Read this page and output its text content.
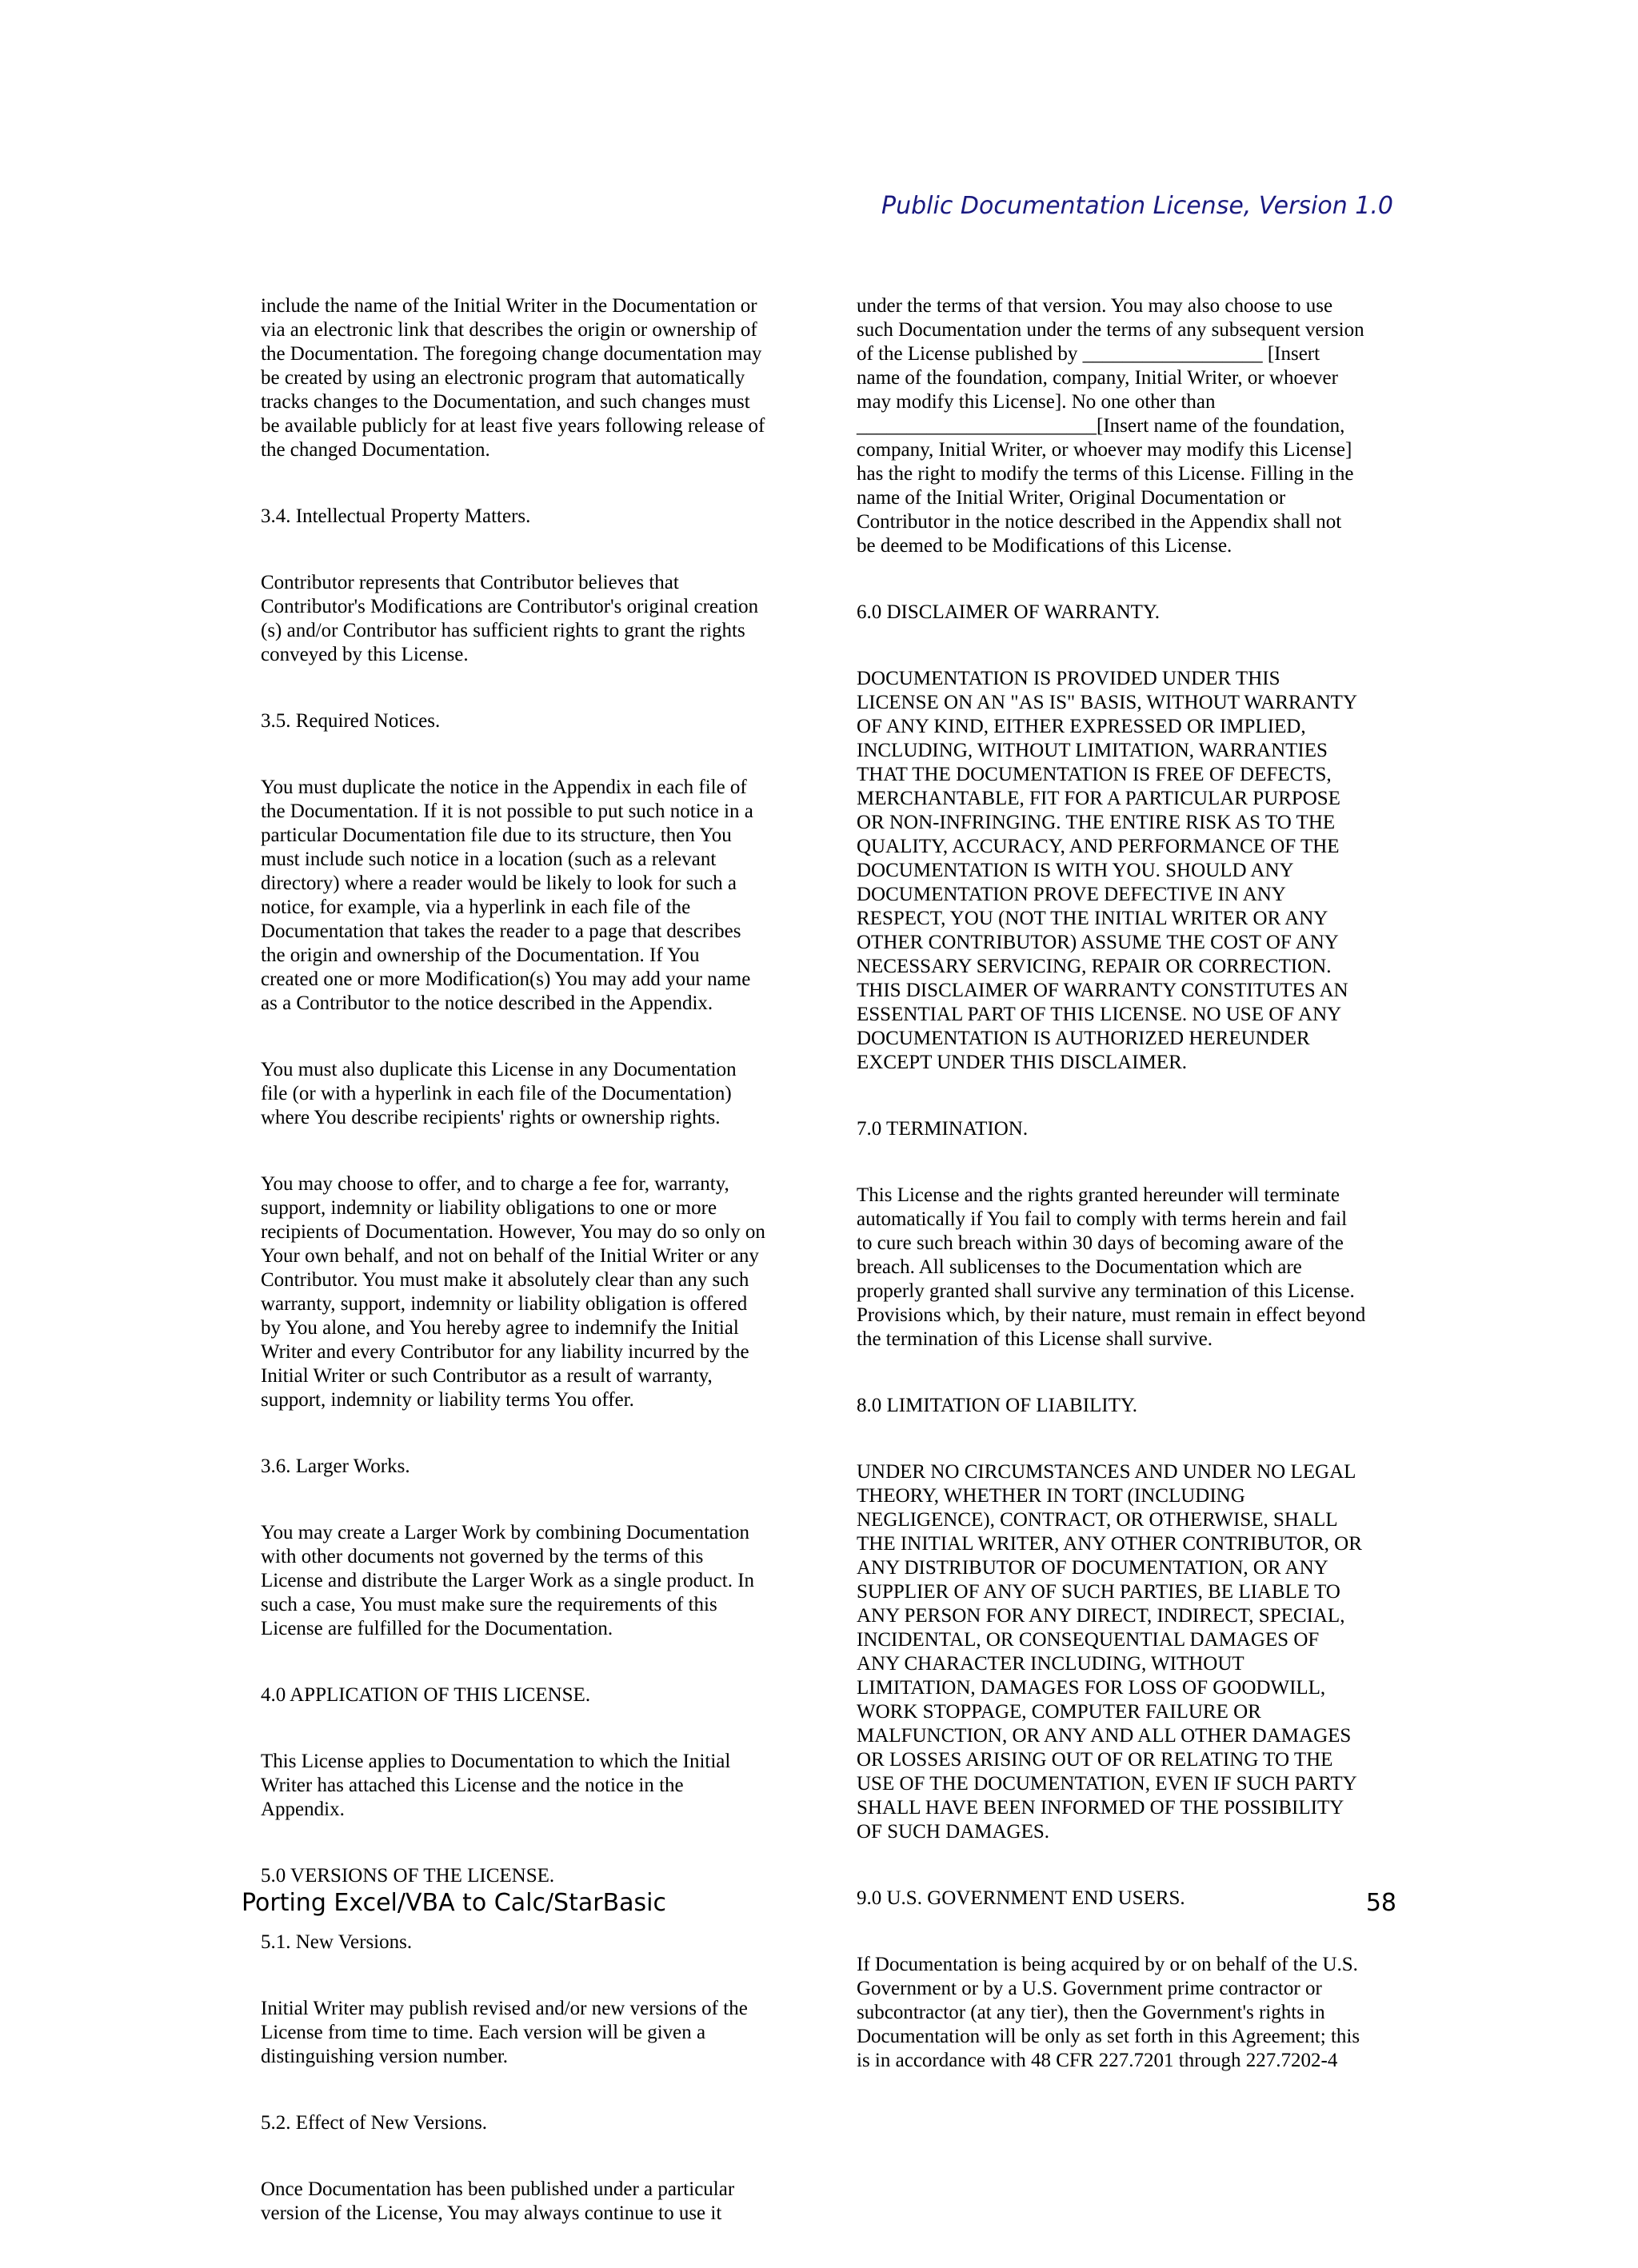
Public Documentation License, Version 1.0

include the name of the Initial Writer in the Documentation or
via an electronic link that describes the origin or ownership of
the Documentation. The foregoing change documentation may
be created by using an electronic program that automatically
tracks changes to the Documentation, and such changes must
be available publicly for at least five years following release of
the changed Documentation.

3.4. Intellectual Property Matters.

Contributor represents that Contributor believes that
Contributor's Modifications are Contributor's original creation
(s) and/or Contributor has sufficient rights to grant the rights
conveyed by this License.

3.5. Required Notices.

You must duplicate the notice in the Appendix in each file of
the Documentation. If it is not possible to put such notice in a
particular Documentation file due to its structure, then You
must include such notice in a location (such as a relevant
directory) where a reader would be likely to look for such a
notice, for example, via a hyperlink in each file of the
Documentation that takes the reader to a page that describes
the origin and ownership of the Documentation. If You
created one or more Modification(s) You may add your name
as a Contributor to the notice described in the Appendix.

You must also duplicate this License in any Documentation
file (or with a hyperlink in each file of the Documentation)
where You describe recipients' rights or ownership rights.

You may choose to offer, and to charge a fee for, warranty,
support, indemnity or liability obligations to one or more
recipients of Documentation. However, You may do so only on
Your own behalf, and not on behalf of the Initial Writer or any
Contributor. You must make it absolutely clear than any such
warranty, support, indemnity or liability obligation is offered
by You alone, and You hereby agree to indemnify the Initial
Writer and every Contributor for any liability incurred by the
Initial Writer or such Contributor as a result of warranty,
support, indemnity or liability terms You offer.

3.6. Larger Works.

You may create a Larger Work by combining Documentation
with other documents not governed by the terms of this
License and distribute the Larger Work as a single product. In
such a case, You must make sure the requirements of this
License are fulfilled for the Documentation.

4.0 APPLICATION OF THIS LICENSE.

This License applies to Documentation to which the Initial
Writer has attached this License and the notice in the
Appendix.

5.0 VERSIONS OF THE LICENSE.

5.1. New Versions.

Initial Writer may publish revised and/or new versions of the
License from time to time. Each version will be given a
distinguishing version number.

5.2. Effect of New Versions.

Once Documentation has been published under a particular
version of the License, You may always continue to use it

under the terms of that version. You may also choose to use
such Documentation under the terms of any subsequent version
of the License published by __________________ [Insert
name of the foundation, company, Initial Writer, or whoever
may modify this License]. No one other than
________________________[Insert name of the foundation,
company, Initial Writer, or whoever may modify this License]
has the right to modify the terms of this License. Filling in the
name of the Initial Writer, Original Documentation or
Contributor in the notice described in the Appendix shall not
be deemed to be Modifications of this License.

6.0 DISCLAIMER OF WARRANTY.

DOCUMENTATION IS PROVIDED UNDER THIS
LICENSE ON AN "AS IS" BASIS, WITHOUT WARRANTY
OF ANY KIND, EITHER EXPRESSED OR IMPLIED,
INCLUDING, WITHOUT LIMITATION, WARRANTIES
THAT THE DOCUMENTATION IS FREE OF DEFECTS,
MERCHANTABLE, FIT FOR A PARTICULAR PURPOSE
OR NON-INFRINGING. THE ENTIRE RISK AS TO THE
QUALITY, ACCURACY, AND PERFORMANCE OF THE
DOCUMENTATION IS WITH YOU. SHOULD ANY
DOCUMENTATION PROVE DEFECTIVE IN ANY
RESPECT, YOU (NOT THE INITIAL WRITER OR ANY
OTHER CONTRIBUTOR) ASSUME THE COST OF ANY
NECESSARY SERVICING, REPAIR OR CORRECTION.
THIS DISCLAIMER OF WARRANTY CONSTITUTES AN
ESSENTIAL PART OF THIS LICENSE. NO USE OF ANY
DOCUMENTATION IS AUTHORIZED HEREUNDER
EXCEPT UNDER THIS DISCLAIMER.

7.0 TERMINATION.

This License and the rights granted hereunder will terminate
automatically if You fail to comply with terms herein and fail
to cure such breach within 30 days of becoming aware of the
breach. All sublicenses to the Documentation which are
properly granted shall survive any termination of this License.
Provisions which, by their nature, must remain in effect beyond
the termination of this License shall survive.

8.0 LIMITATION OF LIABILITY.

UNDER NO CIRCUMSTANCES AND UNDER NO LEGAL
THEORY, WHETHER IN TORT (INCLUDING
NEGLIGENCE), CONTRACT, OR OTHERWISE, SHALL
THE INITIAL WRITER, ANY OTHER CONTRIBUTOR, OR
ANY DISTRIBUTOR OF DOCUMENTATION, OR ANY
SUPPLIER OF ANY OF SUCH PARTIES, BE LIABLE TO
ANY PERSON FOR ANY DIRECT, INDIRECT, SPECIAL,
INCIDENTAL, OR CONSEQUENTIAL DAMAGES OF
ANY CHARACTER INCLUDING, WITHOUT
LIMITATION, DAMAGES FOR LOSS OF GOODWILL,
WORK STOPPAGE, COMPUTER FAILURE OR
MALFUNCTION, OR ANY AND ALL OTHER DAMAGES
OR LOSSES ARISING OUT OF OR RELATING TO THE
USE OF THE DOCUMENTATION, EVEN IF SUCH PARTY
SHALL HAVE BEEN INFORMED OF THE POSSIBILITY
OF SUCH DAMAGES.

9.0 U.S. GOVERNMENT END USERS.

If Documentation is being acquired by or on behalf of the U.S.
Government or by a U.S. Government prime contractor or
subcontractor (at any tier), then the Government's rights in
Documentation will be only as set forth in this Agreement; this
is in accordance with 48 CFR 227.7201 through 227.7202-4

Porting Excel/VBA to Calc/StarBasic	58
